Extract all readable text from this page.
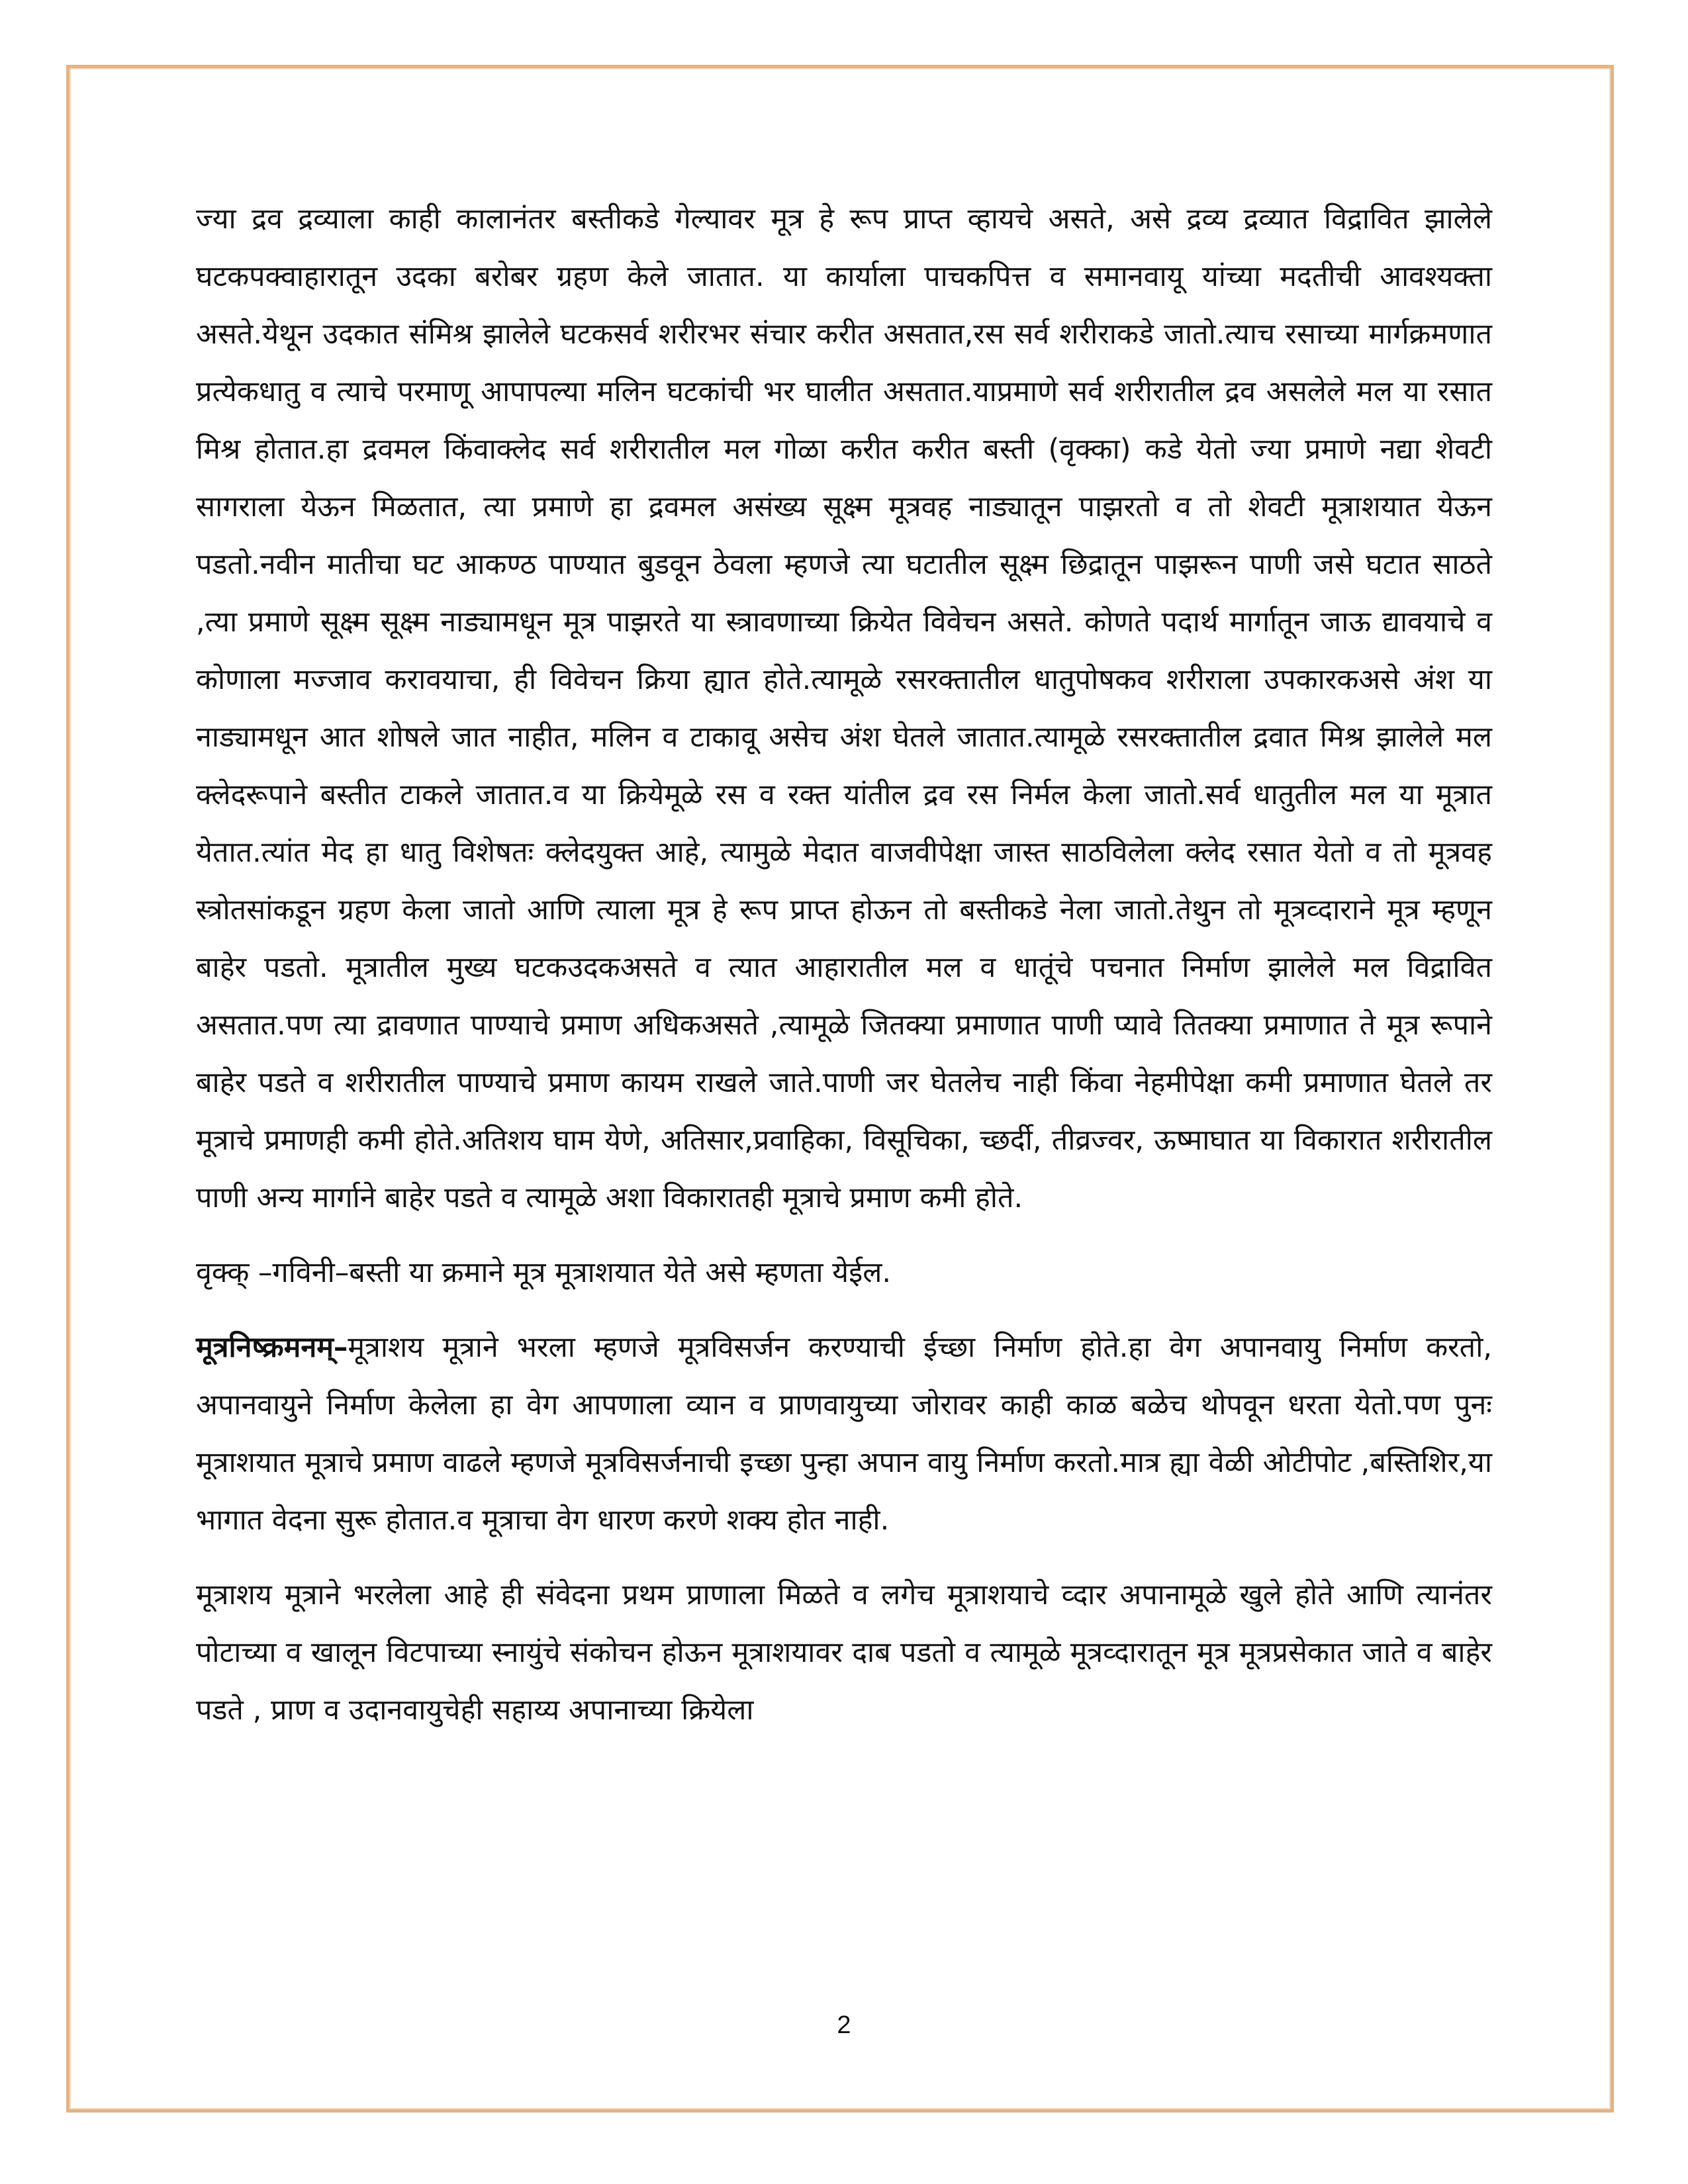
ज्या द्रव द्रव्याला काही कालानंतर बस्तीकडे गेल्यावर मूत्र हे रूप प्राप्त व्हायचे असते, असे द्रव्य द्रव्यात विद्रावित झालेले घटकपक्वाहारातून उदका बरोबर ग्रहण केले जातात. या कार्याला पाचकपित्त व समानवायू यांच्या मदतीची आवश्यक्ता असते.येथून उदकात संमिश्र झालेले घटकसर्व शरीरभर संचार करीत असतात,रस सर्व शरीराकडे जातो.त्याच रसाच्या मार्गक्रमणात प्रत्येकधातु व त्याचे परमाणू आपापल्या मलिन घटकांची भर घालीत असतात.याप्रमाणे सर्व शरीरातील द्रव असलेले मल या रसात मिश्र होतात.हा द्रवमल किंवाक्लेद सर्व शरीरातील मल गोळा करीत करीत बस्ती (वृक्का) कडे येतो ज्या प्रमाणे नद्या शेवटी सागराला येऊन मिळतात, त्या प्रमाणे हा द्रवमल असंख्य सूक्ष्म मूत्रवह नाड्यातून पाझरतो व तो शेवटी मूत्राशयात येऊन पडतो.नवीन मातीचा घट आकण्ठ पाण्यात बुडवून ठेवला म्हणजे त्या घटातील सूक्ष्म छिद्रातून पाझरून पाणी जसे घटात साठते ,त्या प्रमाणे सूक्ष्म सूक्ष्म नाड्यामधून मूत्र पाझरते या स्त्रावणाच्या क्रियेत विवेचन असते. कोणते पदार्थ मार्गातून जाऊ द्यावयाचे व कोणाला मज्जाव करावयाचा, ही विवेचन क्रिया ह्यात होते.त्यामूळे रसरक्तातील धातुपोषकव शरीराला उपकारकअसे अंश या नाड्यामधून आत शोषले जात नाहीत, मलिन व टाकावू असेच अंश घेतले जातात.त्यामूळे रसरक्तातील द्रवात मिश्र झालेले मल क्लेदरूपाने बस्तीत टाकले जातात.व या क्रियेमूळे रस व रक्त यांतील द्रव रस निर्मल केला जातो.सर्व धातुतील मल या मूत्रात येतात.त्यांत मेद हा धातु विशेषतः क्लेदयुक्त आहे, त्यामुळे मेदात वाजवीपेक्षा जास्त साठविलेला क्लेद रसात येतो व तो मूत्रवह स्त्रोतसांकडून ग्रहण केला जातो आणि त्याला मूत्र हे रूप प्राप्त होऊन तो बस्तीकडे नेला जातो.तेथुन तो मूत्रव्दाराने मूत्र म्हणून बाहेर पडतो. मूत्रातील मुख्य घटकउदकअसते व त्यात आहारातील मल व धातूंचे पचनात निर्माण झालेले मल विद्रावित असतात.पण त्या द्रावणात पाण्याचे प्रमाण अधिकअसते ,त्यामूळे जितक्या प्रमाणात पाणी प्यावे तितक्या प्रमाणात ते मूत्र रूपाने बाहेर पडते व शरीरातील पाण्याचे प्रमाण कायम राखले जाते.पाणी जर घेतलेच नाही किंवा नेहमीपेक्षा कमी प्रमाणात घेतले तर मूत्राचे प्रमाणही कमी होते.अतिशय घाम येणे, अतिसार,प्रवाहिका, विसूचिका, च्छर्दी, तीव्रज्वर, ऊष्माघात या विकारात शरीरातील पाणी अन्य मार्गाने बाहेर पडते व त्यामूळे अशा विकारातही मूत्राचे प्रमाण कमी होते.

वृक्क् –गविनी–बस्ती या क्रमाने मूत्र मूत्राशयात येते असे म्हणता येईल.

मूत्रनिष्क्रमनम्–मूत्राशय मूत्राने भरला म्हणजे मूत्रविसर्जन करण्याची ईच्छा निर्माण होते.हा वेग अपानवायु निर्माण करतो, अपानवायुने निर्माण केलेला हा वेग आपणाला व्यान व प्राणवायुच्या जोरावर काही काळ बळेच थोपवून धरता येतो.पण पुनः मूत्राशयात मूत्राचे प्रमाण वाढले म्हणजे मूत्रविसर्जनाची इच्छा पुन्हा अपान वायु निर्माण करतो.मात्र ह्या वेळी ओटीपोट ,बस्तिशिर,या भागात वेदना सुरू होतात.व मूत्राचा वेग धारण करणे शक्य होत नाही.

मूत्राशय मूत्राने भरलेला आहे ही संवेदना प्रथम प्राणाला मिळते व लगेच मूत्राशयाचे व्दार अपानामूळे खुले होते आणि त्यानंतर पोटाच्या व खालून विटपाच्या स्नायुंचे संकोचन होऊन मूत्राशयावर दाब पडतो व त्यामूळे मूत्रव्दारातून मूत्र मूत्रप्रसेकात जाते व बाहेर पडते , प्राण व उदानवायुचेही सहाय्य अपानाच्या क्रियेला

2
